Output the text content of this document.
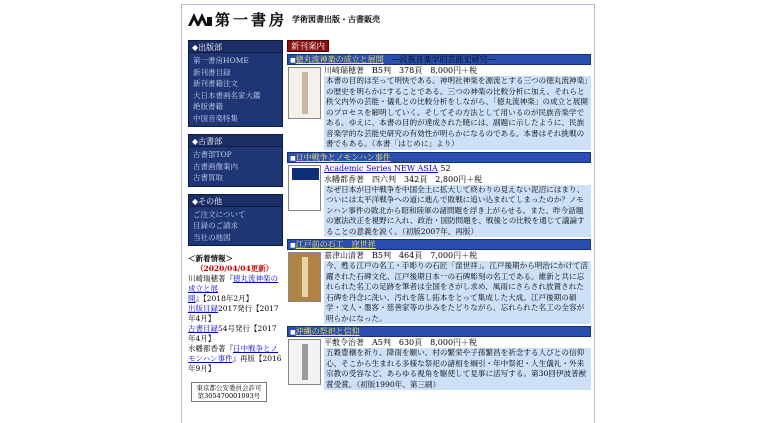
第一書房 学術図書出版・古書販売
◆出版部
第一書房HOME
新刊書目録
新刊書籍注文
大日本書画名家大鑑
絶版書籍
中国音楽特集
◆古書部
古書部TOP
古書画像案内
古書買取
◆その他
ご注文について
目録のご請求
当社の地図
＜新着情報＞
（2020/04/04更新）
川崎瑞穂著『徳丸流神楽の成立と展開』【2018年2月】
出版目録2017発行【2017年4月】
古書目録54号発行【2017年4月】
水幡都香著『日中戦争とノモンハン事件』再版【2016年9月】
東京都公安委員会許可
第305470001093号
新刊案内
■徳丸流神楽の成立と展開 ―民族音楽学的芸能史研究―
川崎瑞穂著　B5判　378頁　8,000円＋税
本書の目的は至って明快である。神明社神楽を源流とする三つの徳丸流神楽」の歴史を明らかにすることである。三つの神楽の比較分析に加え、それらと秩父内外の芸能・儀礼との比較分析をしながら、「徳丸流神楽」の成立と展開のプロセスを解明していく。そしてその方法として用いるのが民族音楽学である。ゆえに、本書の目的が達成された暁には、副題に示したように、民族音楽学的な芸能史研究の有効性が明らかになるのである。本書はそれ挑戦の書でもある。（本書「はじめに」より）
■日中戦争とノモンハン事件
Academic Series NEW ASIA 52
水幡都香著　四六判　342頁　2,800円＋税
なぜ日本が日中戦争を中国全土に拡大して終わりの見えない泥沼にはまり、ついには太平洋戦争への道に進んで敗戦に追い込まれてしまったのか？ノモンハン事件の敗北から昭和陸軍の諸問題を浮き上がらせる。また、昨今話題の憲法改正を視野に入れ、政治・国防問題を、戦後との比較を通じて議論することの意義を説く。（初版2007年、再版）
■江戸前の石工　窪世祥
嘉津山清著　B5判　464頁　7,000円＋税
今、甦る江戸の名工・手彫りの石匠「窪世祥」。江戸後期から明治にかけて活躍された石碑文化、江戸後期日本一の石碑彫刻の名工である。維新と共に忘れられた名工の足跡を筆者は全国をさがし求め、風雨にさらされ放置された石碑を丹念に洗い、汚れを落し拓本をとって集成した大成。江戸後期の碩学・文人・墨客・慈善家等の歩みをたどりながら、忘れられた名工の全容が明らかになった。
■沖縄の祭祀と信仰
平敷令治著　A5判　630頁　8,000円＋税
五穀豊穣を祈り、降雨を願い、村の繁栄や子孫繁昌を祈念する人びとの信仰心、そこから生まれる多様な祭祀の諸相を綱引・年中祭祀・人生儀礼・外来宗教の受容など、あらゆる視角を駆使して見事に活写する。第30回伊波普猷賞受賞。（初版1990年、第三刷）
